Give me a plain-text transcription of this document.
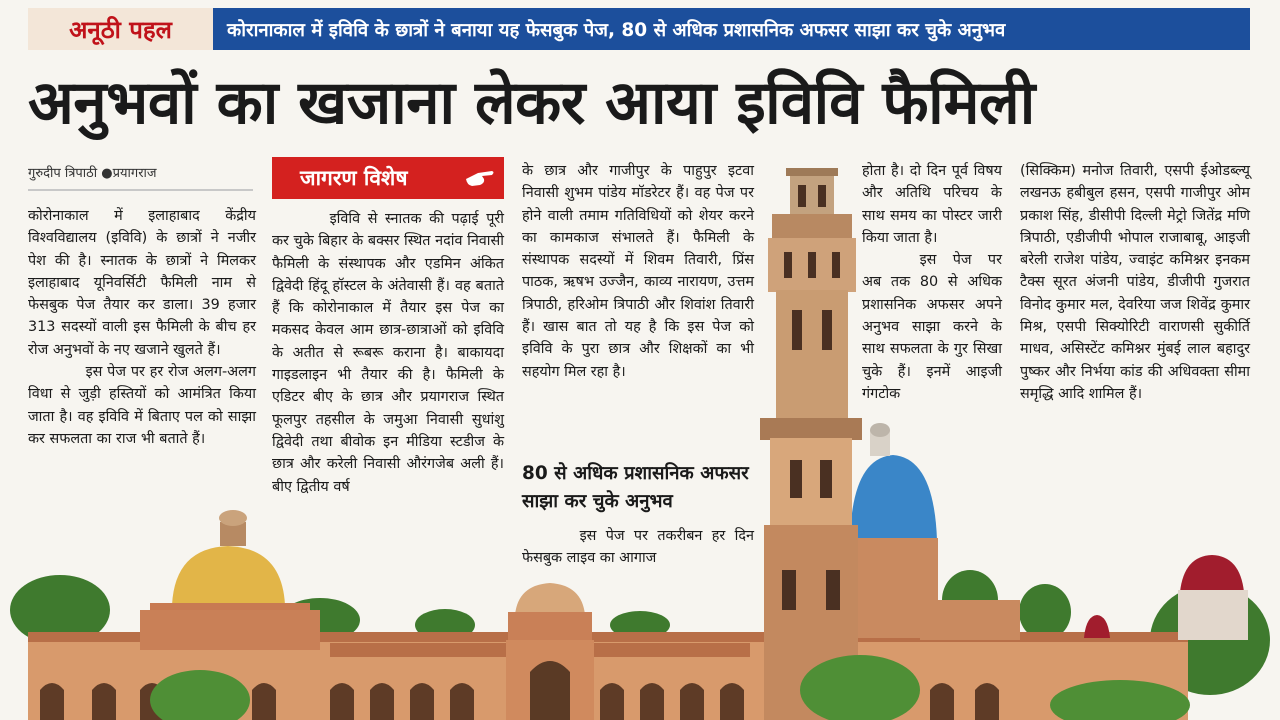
अनूठी पहल	कोरानाकाल में इविवि के छात्रों ने बनाया यह फेसबुक पेज, 80 से अधिक प्रशासनिक अफसर साझा कर चुके अनुभव
अनुभवों का खजाना लेकर आया इविवि फैमिली
गुरुदीप त्रिपाठी ●प्रयागराज

कोरोनाकाल में इलाहाबाद केंद्रीय विश्वविद्यालय (इविवि) के छात्रों ने नजीर पेश की है। स्नातक के छात्रों ने मिलकर इलाहाबाद यूनिवर्सिटी फैमिली नाम से फेसबुक पेज तैयार कर डाला। 39 हजार 313 सदस्यों वाली इस फैमिली के बीच हर रोज अनुभवों के नए खजाने खुलते हैं।

इस पेज पर हर रोज अलग-अलग विधा से जुड़ी हस्तियों को आमंत्रित किया जाता है। वह इविवि में बिताए पल को साझा कर सफलता का राज भी बताते हैं।

जागरण विशेष

इविवि से स्नातक की पढ़ाई पूरी कर चुके बिहार के बक्सर स्थित नदांव निवासी फैमिली के संस्थापक और एडमिन अंकित द्विवेदी हिंदू हॉस्टल के अंतेवासी हैं। वह बताते हैं कि कोरोनाकाल में तैयार इस पेज का मकसद केवल आम छात्र-छात्राओं को इविवि के अतीत से रूबरू कराना है। बाकायदा गाइडलाइन भी तैयार की है। फैमिली के एडिटर बीए के छात्र और प्रयागराज स्थित फूलपुर तहसील के जमुआ निवासी सुधांशु द्विवेदी तथा बीवोक इन मीडिया स्टडीज के छात्र और करेली निवासी औरंगजेब अली हैं। बीए द्वितीय वर्ष

के छात्र और गाजीपुर के पाहुपुर इटवा निवासी शुभम पांडेय मॉडरेटर हैं। वह पेज पर होने वाली तमाम गतिविधियों को शेयर करने का कामकाज संभालते हैं। फैमिली के संस्थापक सदस्यों में शिवम तिवारी, प्रिंस पाठक, ऋषभ उज्जैन, काव्य नारायण, उत्तम त्रिपाठी, हरिओम त्रिपाठी और शिवांश तिवारी हैं। खास बात तो यह है कि इस पेज को इविवि के पुरा छात्र और शिक्षकों का भी सहयोग मिल रहा है।

80 से अधिक प्रशासनिक अफसर साझा कर चुके अनुभव

इस पेज पर तकरीबन हर दिन फेसबुक लाइव का आगाज

होता है। दो दिन पूर्व विषय और अतिथि परिचय के साथ समय का पोस्टर जारी किया जाता है।

इस पेज पर अब तक 80 से अधिक प्रशासनिक अफसर अपने अनुभव साझा करने के साथ सफलता के गुर सिखा चुके हैं। इनमें आइजी गंगटोक

(सिक्किम) मनोज तिवारी, एसपी ईओडब्ल्यू लखनऊ हबीबुल हसन, एसपी गाजीपुर ओम प्रकाश सिंह, डीसीपी दिल्ली मेट्रो जितेंद्र मणि त्रिपाठी, एडीजीपी भोपाल राजाबाबू, आइजी बरेली राजेश पांडेय, ज्वाइंट कमिश्नर इनकम टैक्स सूरत अंजनी पांडेय, डीजीपी गुजरात विनोद कुमार मल, देवरिया जज शिवेंद्र कुमार मिश्र, एसपी सिक्योरिटी वाराणसी सुकीर्ति माधव, असिस्टेंट कमिश्नर मुंबई लाल बहादुर पुष्कर और निर्भया कांड की अधिवक्ता सीमा समृद्धि आदि शामिल हैं।
